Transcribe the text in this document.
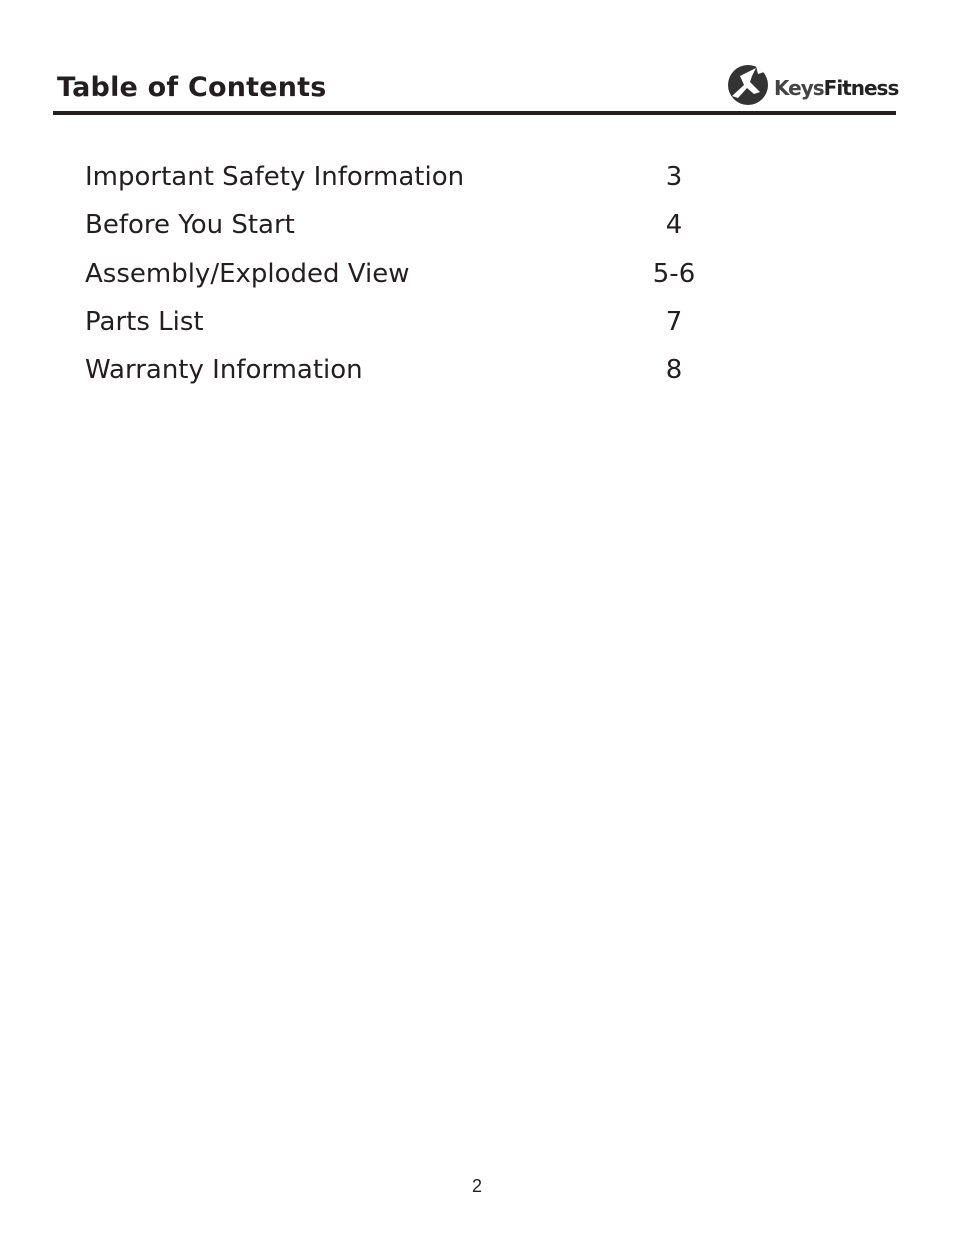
Table of Contents	KeysFitness
Important Safety Information	3
Before You Start	4
Assembly/Exploded View	5-6
Parts List	7
Warranty Information	8
2
